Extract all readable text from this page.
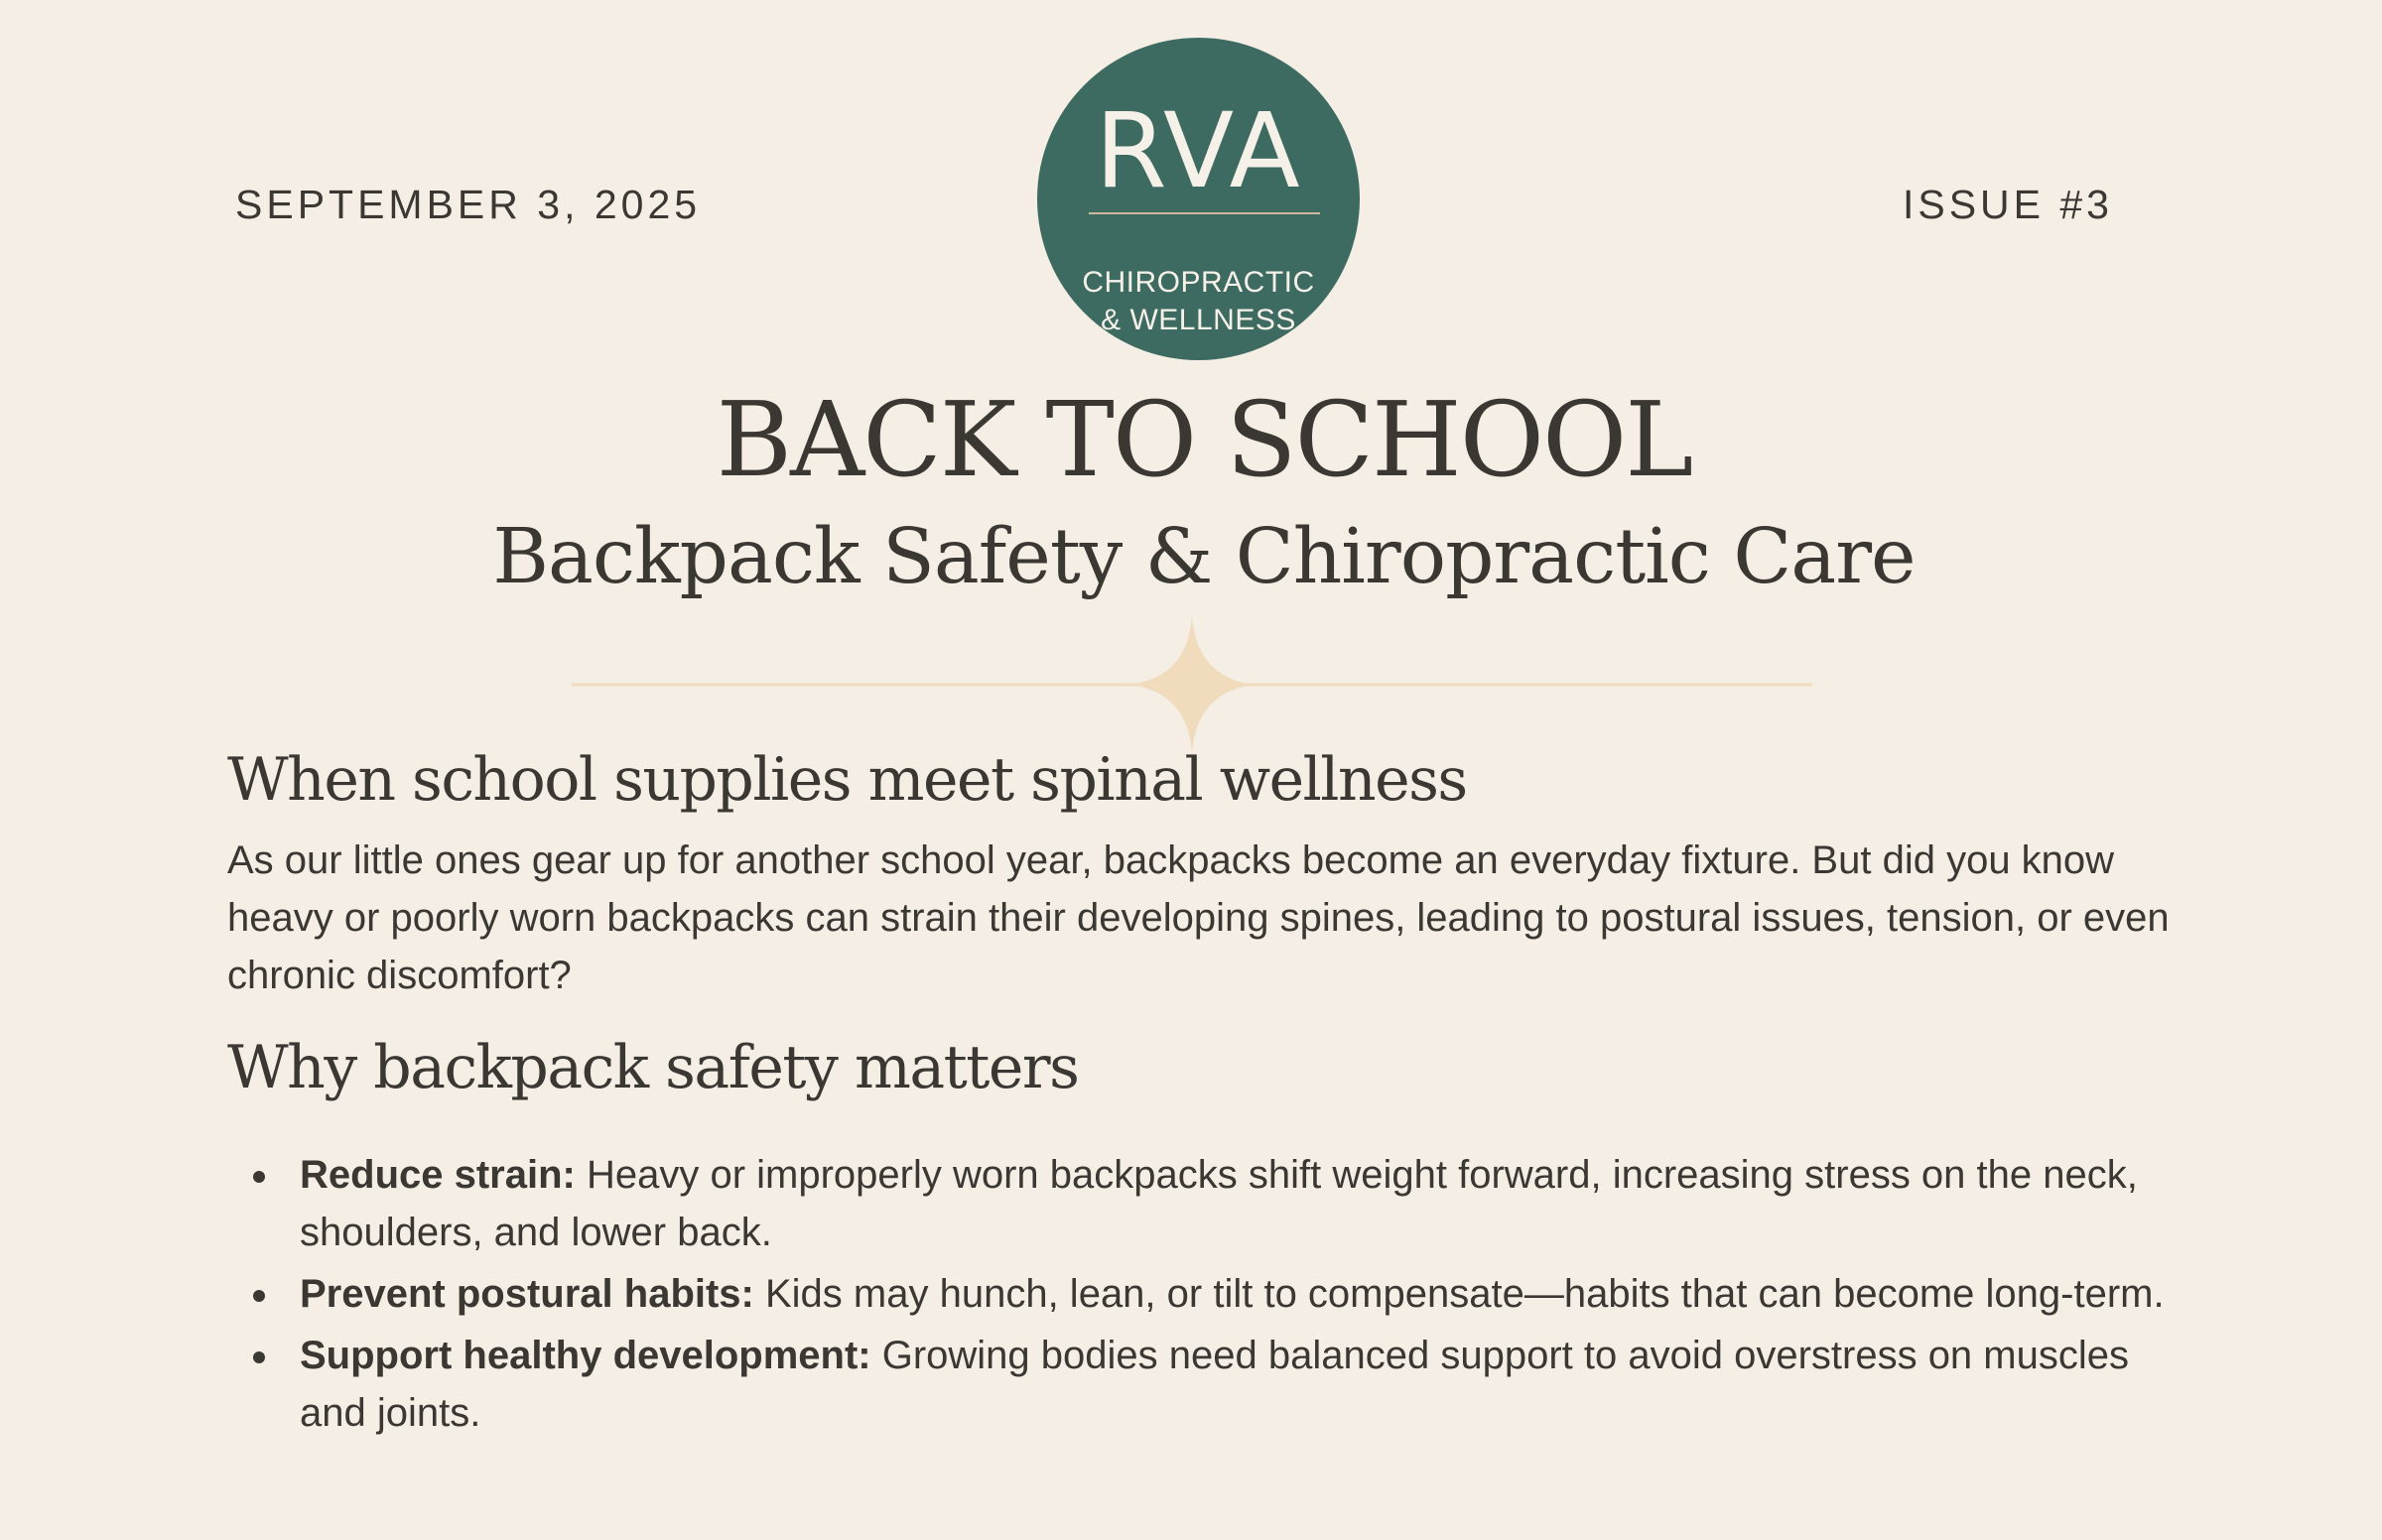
SEPTEMBER 3, 2025	ISSUE #3
RVA
CHIROPRACTIC
& WELLNESS
BACK TO SCHOOL
Backpack Safety & Chiropractic Care
When school supplies meet spinal wellness

As our little ones gear up for another school year, backpacks become an everyday fixture. But did you know heavy or poorly worn backpacks can strain their developing spines, leading to postural issues, tension, or even chronic discomfort?

Why backpack safety matters
Reduce strain: Heavy or improperly worn backpacks shift weight forward, increasing stress on the neck, shoulders, and lower back.
Prevent postural habits: Kids may hunch, lean, or tilt to compensate—habits that can become long-term.
Support healthy development: Growing bodies need balanced support to avoid overstress on muscles and joints.
